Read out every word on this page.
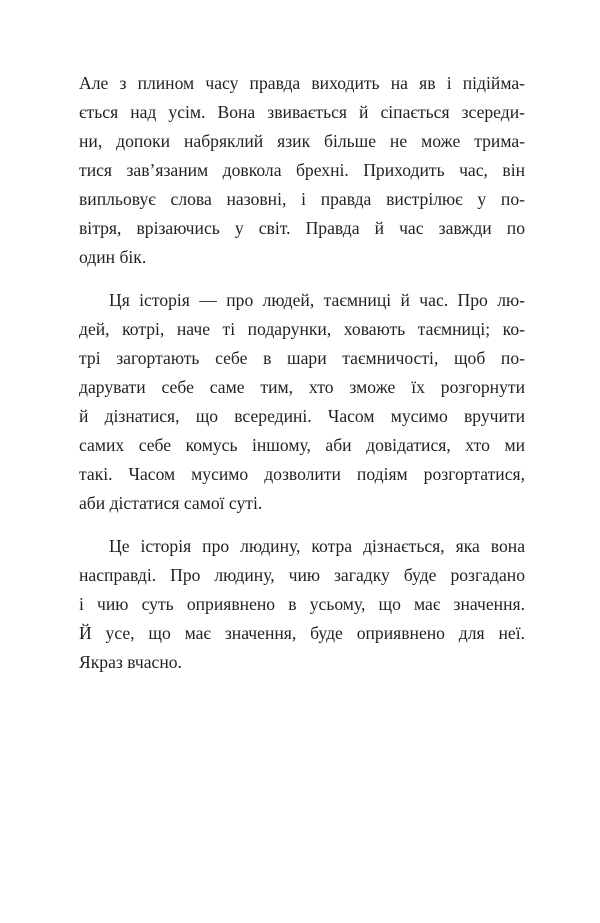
Але з плином часу правда виходить на яв і підійма-
ється над усім. Вона звивається й сіпається зсереди-
ни, допоки набряклий язик більше не може трима-
тися зав’язаним довкола брехні. Приходить час, він
випльовує слова назовні, і правда вистрілює у по-
вітря, врізаючись у світ. Правда й час завжди по
один бік.
Ця історія — про людей, таємниці й час. Про лю-
дей, котрі, наче ті подарунки, ховають таємниці; ко-
трі загортають себе в шари таємничості, щоб по-
дарувати себе саме тим, хто зможе їх розгорнути
й дізнатися, що всередині. Часом мусимо вручити
самих себе комусь іншому, аби довідатися, хто ми
такі. Часом мусимо дозволити подіям розгортатися,
аби дістатися самої суті.
Це історія про людину, котра дізнається, яка вона
насправді. Про людину, чию загадку буде розгадано
і чию суть оприявнено в усьому, що має значення.
Й усе, що має значення, буде оприявнено для неї.
Якраз вчасно.
